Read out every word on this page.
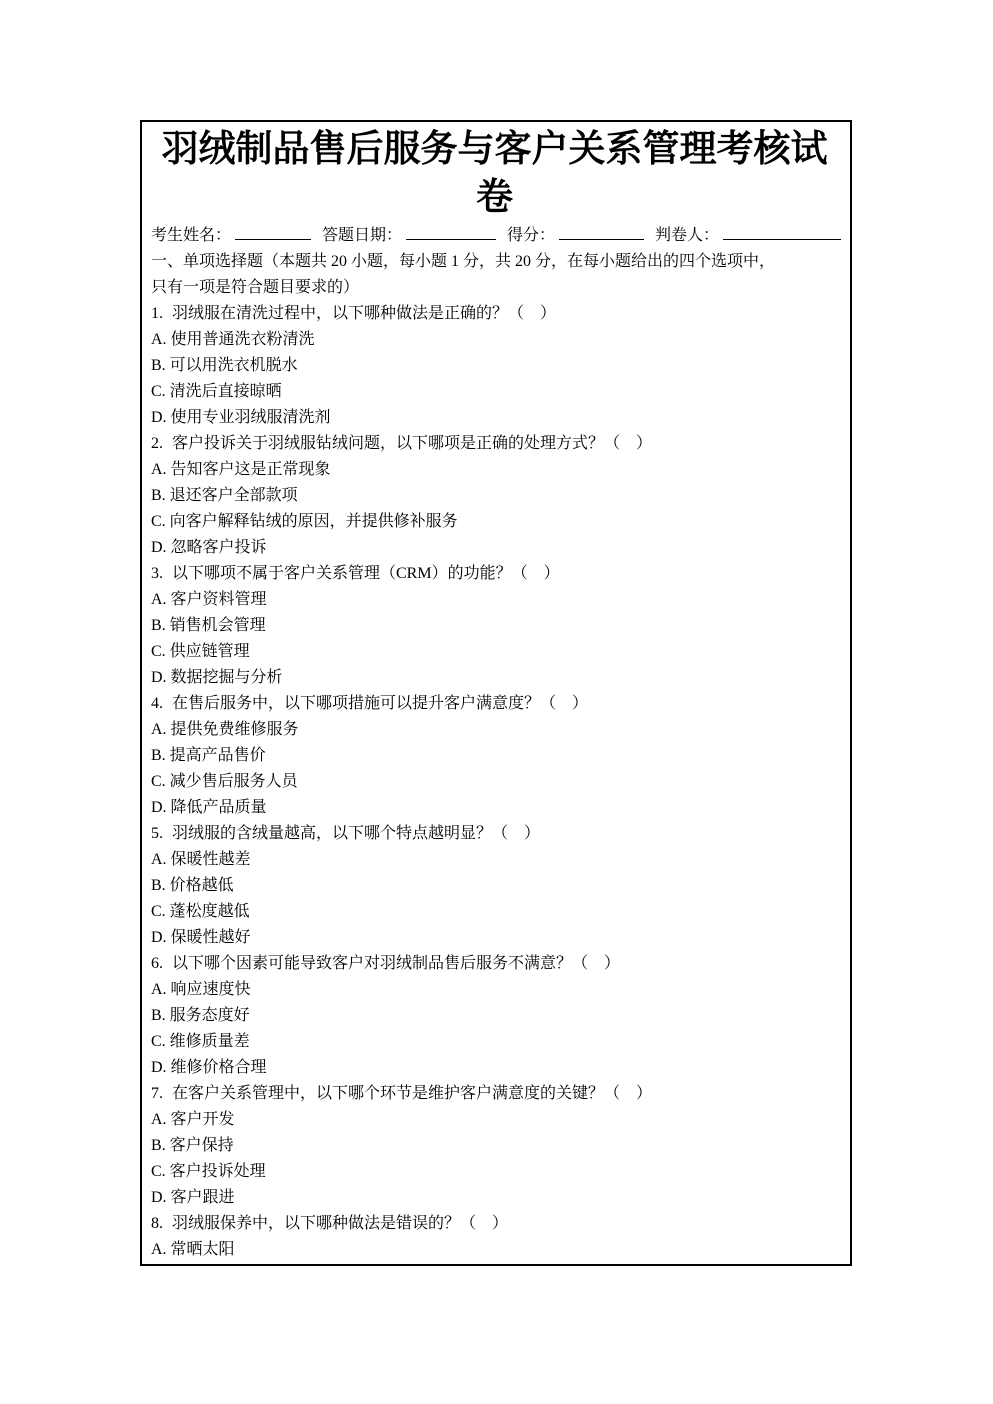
羽绒制品售后服务与客户关系管理考核试
卷
考生姓名：	答题日期：	得分：	判卷人：
一、单项选择题（本题共 20 小题，每小题 1 分，共 20 分，在每小题给出的四个选项中，
只有一项是符合题目要求的）
1. 羽绒服在清洗过程中，以下哪种做法是正确的？（　）
A. 使用普通洗衣粉清洗
B. 可以用洗衣机脱水
C. 清洗后直接晾晒
D. 使用专业羽绒服清洗剂
2. 客户投诉关于羽绒服钻绒问题，以下哪项是正确的处理方式？（　）
A. 告知客户这是正常现象
B. 退还客户全部款项
C. 向客户解释钻绒的原因，并提供修补服务
D. 忽略客户投诉
3. 以下哪项不属于客户关系管理（CRM）的功能？（　）
A. 客户资料管理
B. 销售机会管理
C. 供应链管理
D. 数据挖掘与分析
4. 在售后服务中，以下哪项措施可以提升客户满意度？（　）
A. 提供免费维修服务
B. 提高产品售价
C. 减少售后服务人员
D. 降低产品质量
5. 羽绒服的含绒量越高，以下哪个特点越明显？（　）
A. 保暖性越差
B. 价格越低
C. 蓬松度越低
D. 保暖性越好
6. 以下哪个因素可能导致客户对羽绒制品售后服务不满意？（　）
A. 响应速度快
B. 服务态度好
C. 维修质量差
D. 维修价格合理
7. 在客户关系管理中，以下哪个环节是维护客户满意度的关键？（　）
A. 客户开发
B. 客户保持
C. 客户投诉处理
D. 客户跟进
8. 羽绒服保养中，以下哪种做法是错误的？（　）
A. 常晒太阳
